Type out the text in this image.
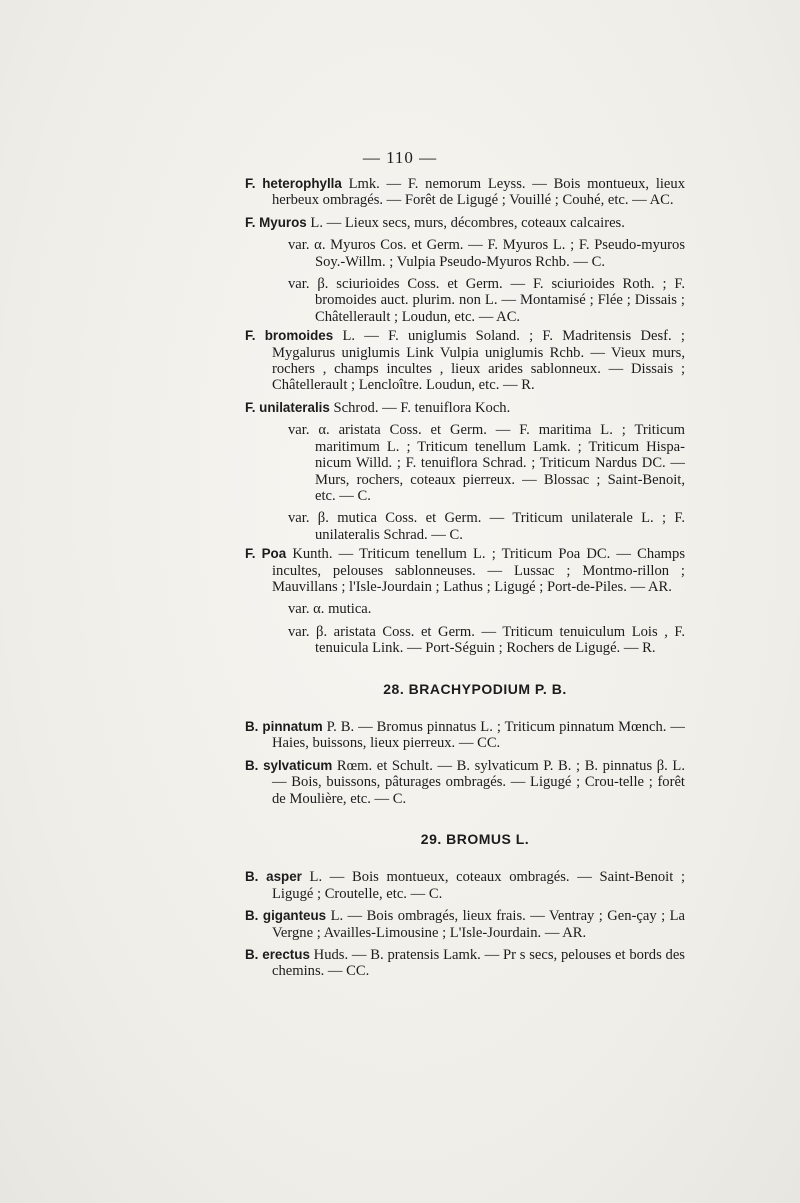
— 110 —
F. heterophylla Lmk. — F. nemorum Leyss. — Bois montueux, lieux herbeux ombragés. — Forêt de Ligugé ; Vouillé ; Couhé, etc. — AC.
F. Myuros L. — Lieux secs, murs, décombres, coteaux calcaires.
var. α. Myuros Cos. et Germ. — F. Myuros L. ; F. Pseudo-myuros Soy.-Willm. ; Vulpia Pseudo-Myuros Rchb. — C.
var. β. sciurioides Coss. et Germ. — F. sciurioides Roth. ; F. bromoides auct. plurim. non L. — Montamisé ; Flée ; Dissais ; Châtellerault ; Loudun, etc. — AC.
F. bromoides L. — F. uniglumis Soland. ; F. Madritensis Desf. ; Mygalurus uniglumis Link Vulpia uniglumis Rchb. — Vieux murs, rochers , champs incultes , lieux arides sablonneux. — Dissais ; Châtellerault ; Lencloître. Loudun, etc. — R.
F. unilateralis Schrod. — F. tenuiflora Koch.
var. α. aristata Coss. et Germ. — F. maritima L. ; Triticum maritimum L. ; Triticum tenellum Lamk. ; Triticum Hispa-nicum Willd. ; F. tenuiflora Schrad. ; Triticum Nardus DC. — Murs, rochers, coteaux pierreux. — Blossac ; Saint-Benoit, etc. — C.
var. β. mutica Coss. et Germ. — Triticum unilaterale L. ; F. unilateralis Schrad. — C.
F. Poa Kunth. — Triticum tenellum L. ; Triticum Poa DC. — Champs incultes, pelouses sablonneuses. — Lussac ; Montmo-rillon ; Mauvillans ; l'Isle-Jourdain ; Lathus ; Ligugé ; Port-de-Piles. — AR.
var. α. mutica.
var. β. aristata Coss. et Germ. — Triticum tenuiculum Lois , F. tenuicula Link. — Port-Séguin ; Rochers de Ligugé. — R.
28. BRACHYPODIUM P. B.
B. pinnatum P. B. — Bromus pinnatus L. ; Triticum pinnatum Mœnch. — Haies, buissons, lieux pierreux. — CC.
B. sylvaticum Rœm. et Schult. — B. sylvaticum P. B. ; B. pinnatus β. L. — Bois, buissons, pâturages ombragés. — Ligugé ; Crou-telle ; forêt de Moulière, etc. — C.
29. BROMUS L.
B. asper L. — Bois montueux, coteaux ombragés. — Saint-Benoit ; Ligugé ; Croutelle, etc. — C.
B. giganteus L. — Bois ombragés, lieux frais. — Ventray ; Gen-çay ; La Vergne ; Availles-Limousine ; L'Isle-Jourdain. — AR.
B. erectus Huds. — B. pratensis Lamk. — Pr s secs, pelouses et bords des chemins. — CC.
